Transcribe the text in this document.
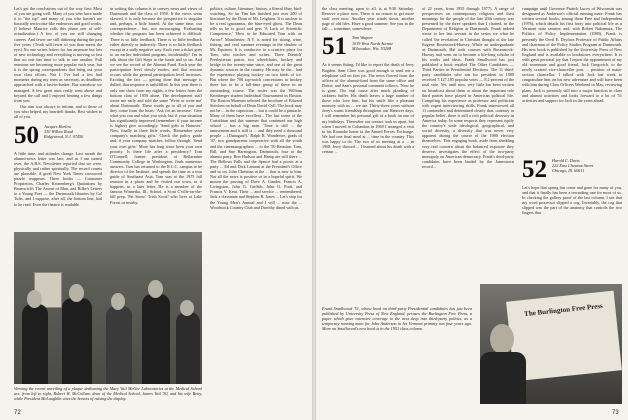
Let's get the conclusions out of the way first: Most of you are going well. Many of you who have made it to "the top" and many of you who haven't are basically terra-cotta-like endeavors and good works. (I believe Maurice calls this phase one of self-actualization.) A few of you are still changing careers. And fewer are still dithering during the past five years. (Truth will fewer of you than meets the eye.) No one writes letters for fun anymore but lots of new technology and everything is moving so fast that no one has time to talk to one another. Full reunions are becoming more popular each year, but it is the spring correspondents that bring out your own class efforts. Not I. I've had a few bad moments during my term as secretary, as deadlines approached with a last-in-basket. But somehow we managed. A few great ones really went above and beyond the call and I enjoyed hearing a few things from you.

Our aim was always to inform, and to those of you who helped, my heartfelt thanks. Best wishes to all of you.

50 Jacques Harlow
330 Willow Road
Ridgewood, N.J. 07450

A little time, and attitudes change. Last month the alumni-news letter was late, and as I am turned over, the A.B.S. Newsletter reported that we were, physically and rather spiritually. The record counts are plausible. A good New York Times crossword puzzle reappears. Three books — Consumer Proprietors, Charles Kronenberg's Quotations by Bromwich's The Assent of Man, and Rilke's Letters to a Young Poet — the Dartmouth libraries by Cal Tufts, and I suppose, after all, the bottom line, had to be read. Even the theatre is readable.

in writing this column is to convey news and views of Dartmouth and the class of 1950. If the views seem skewed, it is only because the perspective is singular and, perhaps, a little biased. At the same time, our correspondence... but, not encouraging. Evaluating whether the program has been achieved is difficult. There is so little feedback. There is so little feedback either directly or indirectly. There is so little feedback except in a sadly negative way. Each year a ticket goes to an earlier individual program, incidentally? I'm in talk about the Gift Steps to the funds and so on. And we see the record of the Alumni Fund. Each year the participation level slowly erodes, and that erosion occurs while the general participation level increases. Exciting the fact — getting done that message is dulled, that response is unfulfilled. In this year there is only one show from my nights, a few letters from the bottom class of 1950 alone. The development staff wrote me early and told the same 'Write or write me' about Dartmouth. These words go to all of you and they come from the heart: 'Ask for an increase.' Give what you can and what you wish; but if your situation has significantly improved (remember: if your income is higher) give accordingly. 'Send gifts to Hanover.' Now, finally in three little words, 'Remember your company's matching gifts.' Check the policy guide and, if your company matches, follow through. 'Send your own gifts.' More has long since been your own priority. Is there life after a presidency? Tom O'Connell, former president of Bellarmine Community College in Washington, finds numerous answers. Tom has returned to the R.C.C. campus to be director of the Institute, and spends the time as a tour guide of Southeast Asia. Tom was at the 1975 fall reunion in a photo and he visited our town, as it happens, in a later letter. He is a member of the famous Winnetka, Ill., School, a Scott C'ville-on-the-hill prep. 'Pat Snow,' Trish Scott? who lives at Lake Forest or nearby.

politics, culture, literature, history, a liberal fiber, bird-watching. So far Tim has finished just over 200 of literature by the Dean of Mt. Leighton. It is unclear to be a real ignoramus, the blue-eyed ghost. The Dean tells us he is good and gets 'A Lack of Scientific Competence,' 'How to be Educated Tom with an Arrow!' Manchester, N.Y. is noted for skiing, wine, fishing, and cool summer evenings in the shadow of Mt. Equinox. It is conducive to a creative place for Tom, who teaches and writes. 'Dave Dietrich' Presbyterian pastor, two wheelchairs, hockey and bridge in the twenty-nine since, and one of the great dynamic sources in the country. He may be the... had the experience playing hockey on two kinds of ice. But where the 700 top-notch concessions to hockey there has to be a full-time group of these in an outstanding course. The roster was the William Kronberger student Individual Tournament in Boston. The Boston Museum selected the brochure of Edward Steichen on behalf of Dean David Cyll. The book may not be ... in the capricious ... but it could be a pinnacle. Many of them have excellent... The last scene of the Corinthian and this summer that continued our high school ... has a big man. 'Time is still ... the amusement and it still is ... and they need a thousand people ... (Dunagan?).' Ralph R. Wandersee, grads of '47, two grandparents cooperative with all the youth and the cinematographers ... to the '50 Reunion. Tom, Bill, and Sue Harrington, Dartmouth, four to the alumni party. Ron Hudson and Hamp are still there ... The Bellows Falls and the Spruce had a picnic at a party ... Ed and Dick Lamont at the President's Office and so on. John Christian at the ... that is new to him. Not all the news is positive or in a hopeful spirit. We mourn the passing of Dave A. Gander, Francis A. Livingston, John G. Griffith, John O. Pratt, and Francis V. Kent. Their ... and service ... remembered. Jack a classmate and Stephen R. Jones ... Let's stop for the Young Men's Annual and I will ... note the ... Woodstock Country Club and Dorothy dined with us.

Viewing the recent unveiling of a plaque dedicating the Mary Vail McGee Laboratories at the Medical School are, from left to right, Robert W. McCollum, dean of the Medical School, James Vail '50, and his wife Betty, while President McLaughlin cites the honors of raising the display.
72

the class meeting, open to all, is at 9:30 Saturday. Reserve a place now. There is no reason to get more stuff over now. Another year winds down, another page of old files. Have a good summer. See you in the fall — sometime, somewhere.

51 Tom Wagner
1619 West North Avenue
Milwaukee, Wis. 53208

As it seems fitting, I'd like to report the death of Jerry Bogden. Sam Cline was good enough to send me a telephone call on first jot. The news flowed from the offices of the alumni-fund from the same office and Dottie, and Sam's personal comment follows. 'Now he is gone. The real cause after much pleading of sickness buffer. His death leaves a large number of those who love him, but his smile like a pleasant memory with us ... we are. Thirty-three years without Jerry's warm friendship throughout our Hanover days, I will remember his personal gift of a book on one of my birthdays. Thereafter our contact took us apart, but when I moved to Columbus in 1969 I arranged a visit to his Roanoke home in the Armed Forces Exchange. We had one final meal at ... time in the country. This was happy to do. The two of us meeting at a ... in 1968. Jerry showed ... I learned about his death with a certain ...

of 22 years, from 1955 through 1977). A range of perspectives on contemporary religions and their meanings for the people of the late 20th century was presented by the three speakers that I chaired, in the Department of Religion at Dartmouth. Frank indeed wrote to her last servant in the series we what he called 'the revelation' in Christian thought of the late Eugene Rosenstock-Huessy. While an undergraduate at Dartmouth, Hal took courses with Rosenstock-Huessy and went on to become a life-long scholar of his works and ideas. Frank Smallwood has just published a book entitled The Other Candidates — Third Parties in Presidential Elections. The 11 third-party candidates who ran for president in 1980 received 7,127,185 popular votes — 8.2 percent of the total vote. Yet, until now, very little has been written on broadcast about them or about the important role third parties have played in American political life. Compiling his experience as professor and politician with expert interviewing skills, Frank interviewed all 11 contenders and determined clearly that, contrary to popular belief, there is still a rich political diversity in America today. In some respects they represent typify the country's wide ideological, geographical, and social diversity, a diversity that was never very apparent during the course of the 1980 election themselves. This engaging book, aside from shedding very real concern about the balanced exposure they deserve, investigates the effect of the two-party monopoly on American democracy. Frank's third-party candidates have been lauded by the Jamestown record...

campaign until Governor Patrick Lucey of Wisconsin was designated as Anderson's official running mate. Frank has written several books, among them Free and Independent (1976), which details his first foray into political life as a Vermont state senator; and, with Robert Nakamura, The Politics of Policy Implementation (1980). Frank is presently the Orvil E. Dryfoos Professor of Public Affairs and chairman of the Policy Studies Program at Dartmouth. His new book is published by the University Press of New England and is available in bookstores everywhere. It is with great personal joy that I report the appointment of my old roommate and good friend, Jack Gregorich, to the newly created vice-chancellor post ... position of main-section chancellor. I talked with Jack last week to congratulate him on his new adventure and will have been with him during Class Officers Weekend in May, reviewing plans. Jack is presently still into a major function in class and alumni activities and looks forward to a lot of '51 activities and support for Jack in the years ahead.

52 Harold C. Davis
222 East Chestnut Street
Chicago, Ill. 60611

Let's hope that spring has come and gone for many of you, and that it finally has been a rewarding one for most of us. In checking the gallery proof of the last column, I see that my word processor slipped a cog. Invariably, the cog that slipped was the part of the anatomy that controls the two fingers that

The Burlington Free Press
Frank Smallwood '51, whose book on third-party Presidential candidates has just been published by University Press of New England, peruses the Burlington Free Press, a paper which gave extensive coverage to the next deep into third-party politics, as a temporary running mate for John Anderson in his Vermont primary run four years ago. More on Smallwood's new book is in the 1951 class column.
73
